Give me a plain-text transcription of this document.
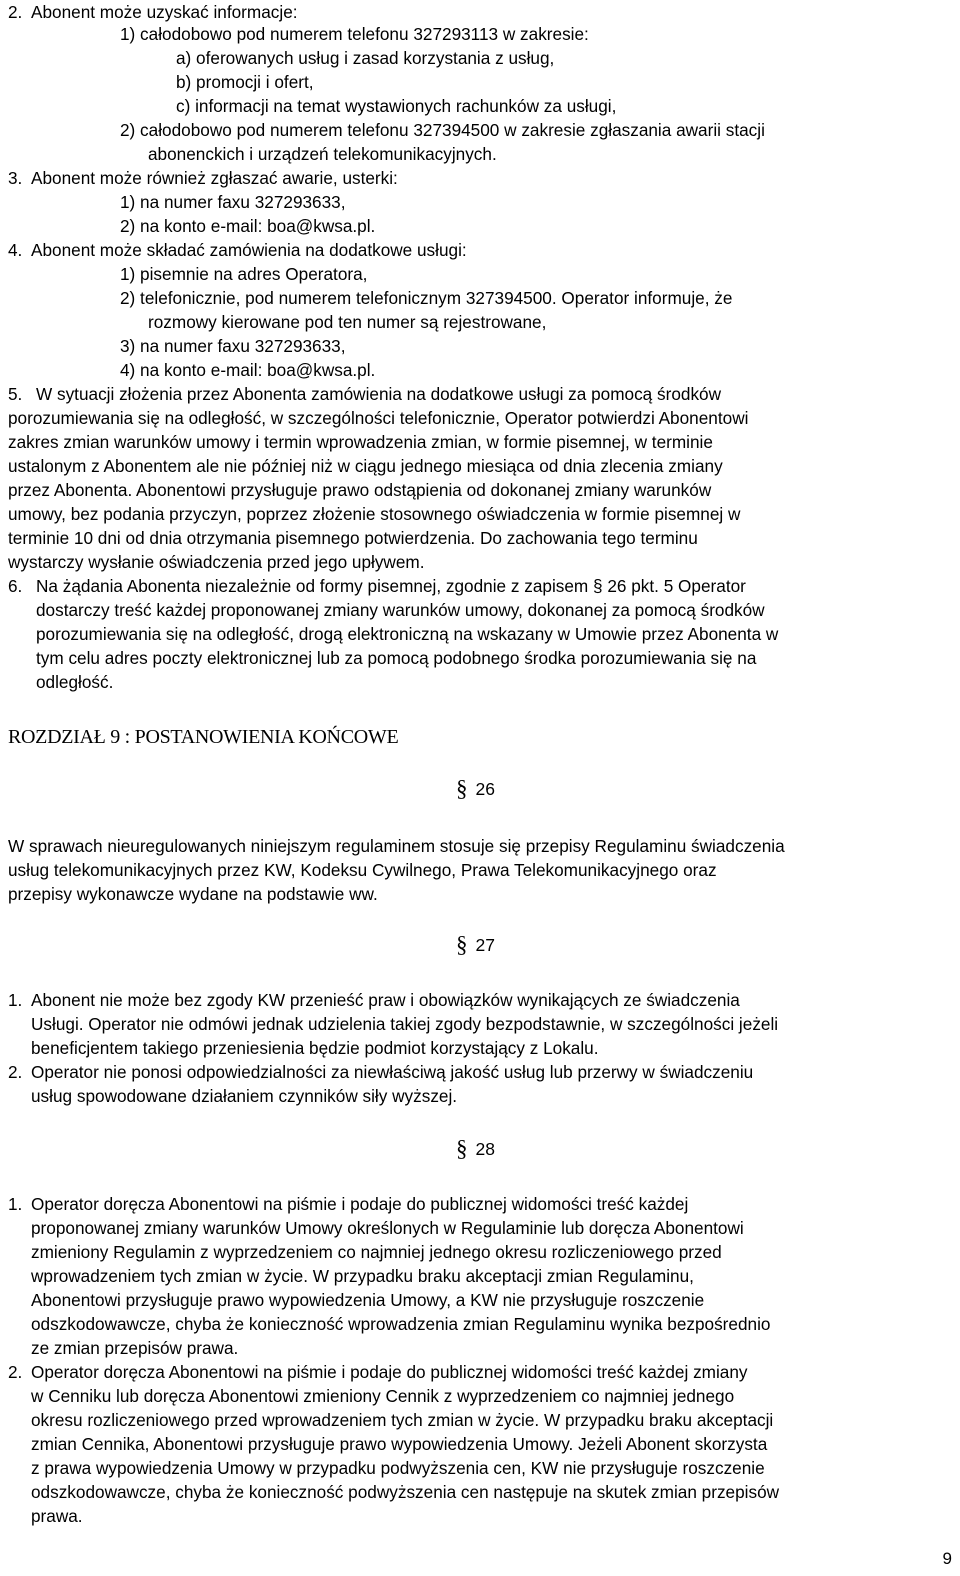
2. Abonent może uzyskać informacje:
1) całodobowo pod numerem telefonu 327293113 w zakresie:
a) oferowanych usług i zasad korzystania z usług,
b) promocji i ofert,
c) informacji na temat wystawionych rachunków za usługi,
2) całodobowo pod numerem telefonu 327394500 w zakresie zgłaszania awarii stacji
abonenckich i urządzeń telekomunikacyjnych.
3. Abonent może również zgłaszać awarie, usterki:
1) na numer faxu 327293633,
2) na konto e-mail: boa@kwsa.pl.
4. Abonent może składać zamówienia na dodatkowe usługi:
1) pisemnie na adres Operatora,
2) telefonicznie, pod numerem telefonicznym 327394500. Operator informuje, że
rozmowy kierowane pod ten numer są rejestrowane,
3) na numer faxu 327293633,
4) na konto e-mail: boa@kwsa.pl.
5. W sytuacji złożenia przez Abonenta zamówienia na dodatkowe usługi za pomocą środków
porozumiewania się na odległość, w szczególności telefonicznie, Operator potwierdzi Abonentowi
zakres zmian warunków umowy i termin wprowadzenia zmian, w formie pisemnej, w terminie
ustalonym z Abonentem ale nie później niż w ciągu jednego miesiąca od dnia zlecenia zmiany
przez Abonenta. Abonentowi przysługuje prawo odstąpienia od dokonanej zmiany warunków
umowy, bez podania przyczyn, poprzez złożenie stosownego oświadczenia w formie pisemnej w
terminie 10 dni od dnia otrzymania pisemnego potwierdzenia. Do zachowania tego terminu
wystarczy wysłanie oświadczenia przed jego upływem.
6. Na żądania Abonenta niezależnie od formy pisemnej, zgodnie z zapisem § 26 pkt. 5 Operator
dostarczy treść każdej proponowanej zmiany warunków umowy, dokonanej za pomocą środków
porozumiewania się na odległość, drogą elektroniczną na wskazany w Umowie przez Abonenta w
tym celu adres poczty elektronicznej lub za pomocą podobnego środka porozumiewania się na
odległość.
ROZDZIAŁ 9 : POSTANOWIENIA KOŃCOWE
§ 26
W sprawach nieuregulowanych niniejszym regulaminem stosuje się przepisy Regulaminu świadczenia
usług telekomunikacyjnych przez KW, Kodeksu Cywilnego, Prawa Telekomunikacyjnego oraz
przepisy wykonawcze wydane na podstawie ww.
§ 27
1. Abonent nie może bez zgody KW przenieść praw i obowiązków wynikających ze świadczenia
Usługi. Operator nie odmówi jednak udzielenia takiej zgody bezpodstawnie, w szczególności jeżeli
beneficjentem takiego przeniesienia będzie podmiot korzystający z Lokalu.
2. Operator nie ponosi odpowiedzialności za niewłaściwą jakość usług lub przerwy w świadczeniu
usług spowodowane działaniem czynników siły wyższej.
§ 28
1. Operator doręcza Abonentowi na piśmie i podaje do publicznej widomości treść każdej
proponowanej zmiany warunków Umowy określonych w Regulaminie lub doręcza Abonentowi
zmieniony Regulamin z wyprzedzeniem co najmniej jednego okresu rozliczeniowego przed
wprowadzeniem tych zmian w życie. W przypadku braku akceptacji zmian Regulaminu,
Abonentowi przysługuje prawo wypowiedzenia Umowy, a KW nie przysługuje roszczenie
odszkodowawcze, chyba że konieczność wprowadzenia zmian Regulaminu wynika bezpośrednio
ze zmian przepisów prawa.
2. Operator doręcza Abonentowi na piśmie i podaje do publicznej widomości treść każdej zmiany
w Cenniku lub doręcza Abonentowi zmieniony Cennik z wyprzedzeniem co najmniej jednego
okresu rozliczeniowego przed wprowadzeniem tych zmian w życie. W przypadku braku akceptacji
zmian Cennika, Abonentowi przysługuje prawo wypowiedzenia Umowy. Jeżeli Abonent skorzysta
z prawa wypowiedzenia Umowy w przypadku podwyższenia cen, KW nie przysługuje roszczenie
odszkodowawcze, chyba że konieczność podwyższenia cen następuje na skutek zmian przepisów
prawa.
9
